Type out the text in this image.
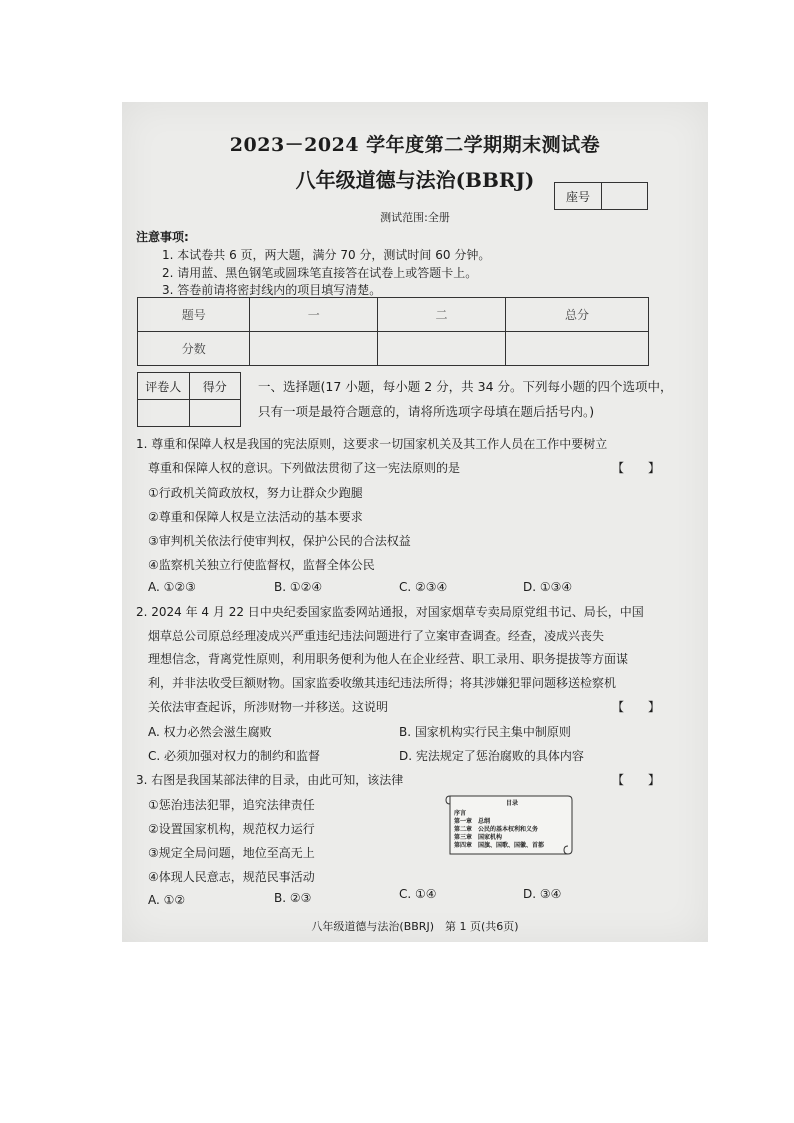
2023－2024 学年度第二学期期末测试卷
八年级道德与法治(BBRJ)
座号
测试范围:全册
注意事项:
1. 本试卷共 6 页，两大题，满分 70 分，测试时间 60 分钟。
2. 请用蓝、黑色钢笔或圆珠笔直接答在试卷上或答题卡上。
3. 答卷前请将密封线内的项目填写清楚。
题号	一	二	总分
分数			
评卷人	得分
		一、选择题(17 小题，每小题 2 分，共 34 分。下列每小题的四个选项中，只有一项是最符合题意的，请将所选项字母填在题后括号内。)
1. 尊重和保障人权是我国的宪法原则，这要求一切国家机关及其工作人员在工作中要树立
尊重和保障人权的意识。下列做法贯彻了这一宪法原则的是	【　　】
①行政机关简政放权，努力让群众少跑腿
②尊重和保障人权是立法活动的基本要求
③审判机关依法行使审判权，保护公民的合法权益
④监察机关独立行使监督权，监督全体公民
A. ①②③	B. ①②④	C. ②③④	D. ①③④
2. 2024 年 4 月 22 日中央纪委国家监委网站通报，对国家烟草专卖局原党组书记、局长，中国
烟草总公司原总经理凌成兴严重违纪违法问题进行了立案审查调查。经查，凌成兴丧失
理想信念，背离党性原则，利用职务便利为他人在企业经营、职工录用、职务提拔等方面谋
利，并非法收受巨额财物。国家监委收缴其违纪违法所得；将其涉嫌犯罪问题移送检察机
关依法审查起诉，所涉财物一并移送。这说明	【　　】
A. 权力必然会滋生腐败	B. 国家机构实行民主集中制原则
C. 必须加强对权力的制约和监督	D. 宪法规定了惩治腐败的具体内容
3. 右图是我国某部法律的目录，由此可知，该法律	【　　】
①惩治违法犯罪，追究法律责任
②设置国家机构，规范权力运行
③规定全局问题，地位至高无上
④体现人民意志，规范民事活动
A. ①②	B. ②③	C. ①④	D. ③④
目录
序言
第一章　总纲
第二章　公民的基本权利和义务
第三章　国家机构
第四章　国旗、国歌、国徽、首都
八年级道德与法治(BBRJ)　第 1 页(共6页)
